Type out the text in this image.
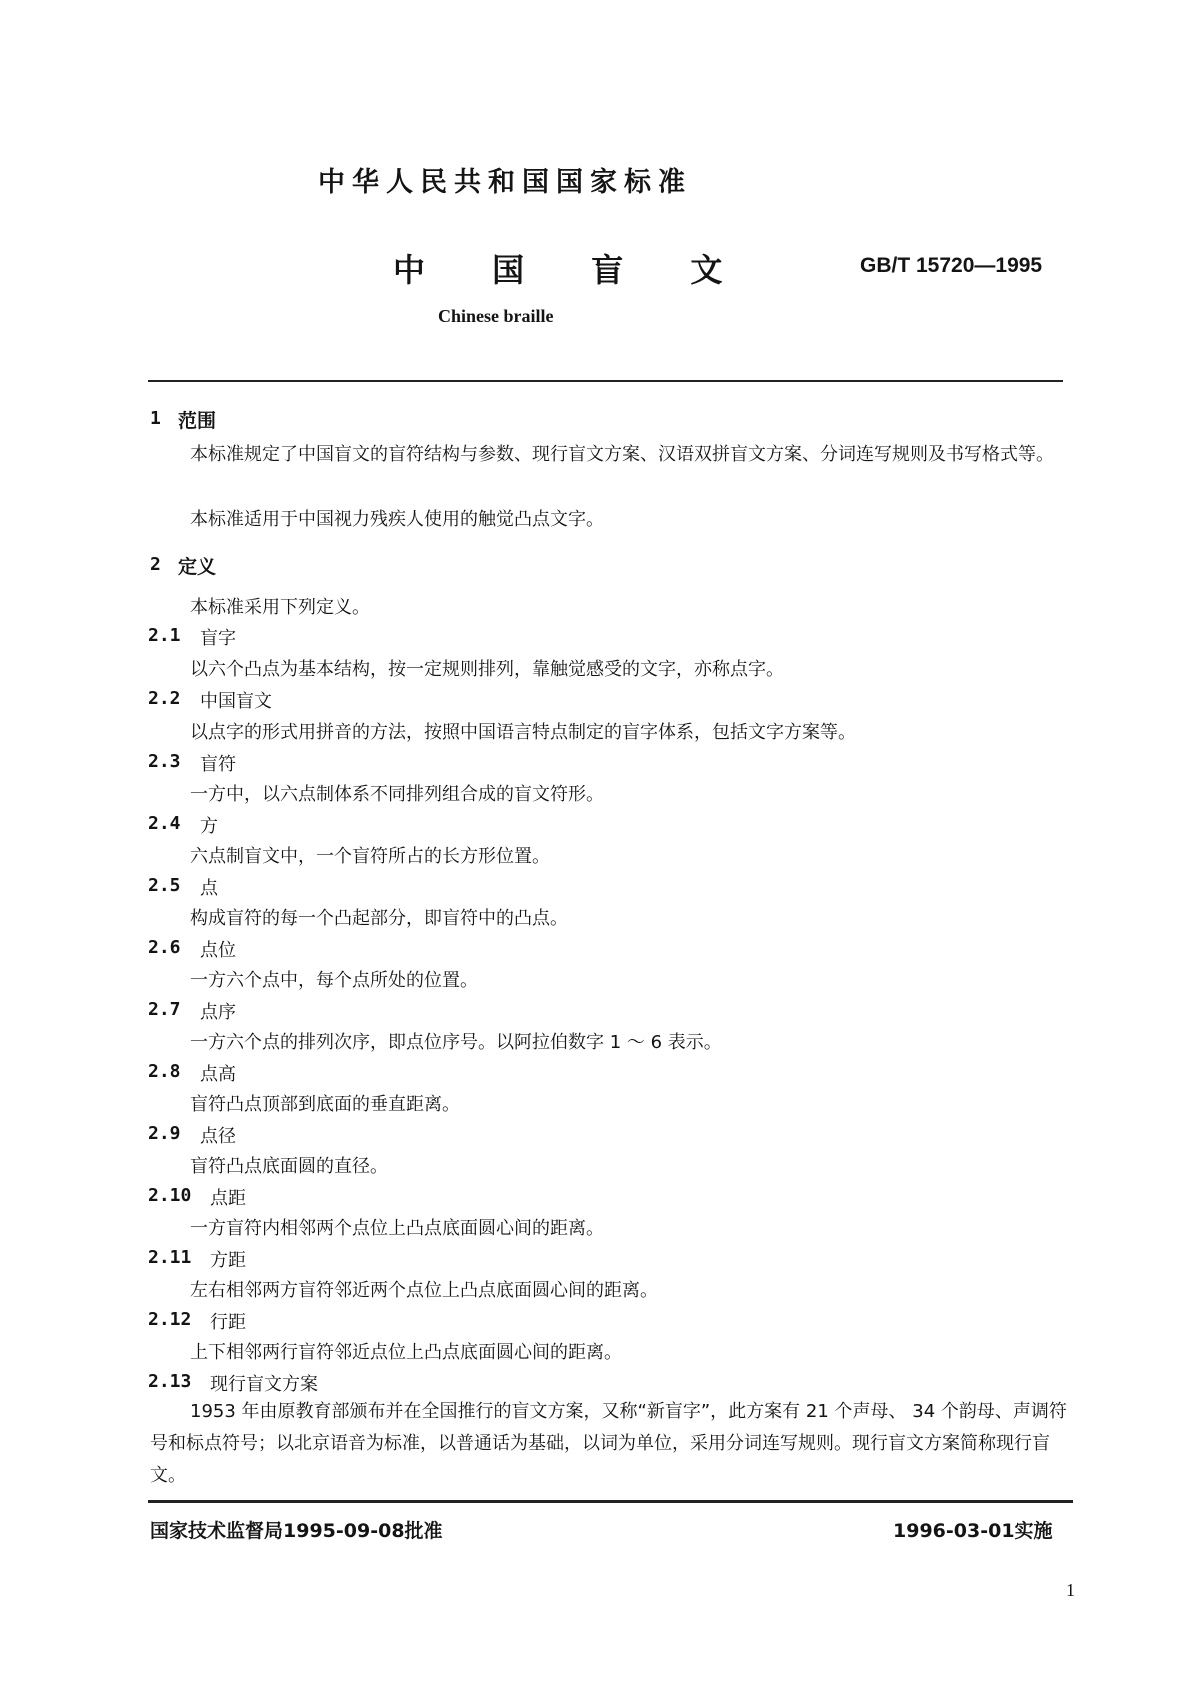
中华人民共和国国家标准
中 国 盲 文	GB/T 15720—1995
Chinese braille
1 范围
本标准规定了中国盲文的盲符结构与参数、现行盲文方案、汉语双拼盲文方案、分词连写规则及书写格式等。
本标准适用于中国视力残疾人使用的触觉凸点文字。
2 定义
本标准采用下列定义。
2.1 盲字
以六个凸点为基本结构，按一定规则排列，靠触觉感受的文字，亦称点字。
2.2 中国盲文
以点字的形式用拼音的方法，按照中国语言特点制定的盲字体系，包括文字方案等。
2.3 盲符
一方中，以六点制体系不同排列组合成的盲文符形。
2.4 方
六点制盲文中，一个盲符所占的长方形位置。
2.5 点
构成盲符的每一个凸起部分，即盲符中的凸点。
2.6 点位
一方六个点中，每个点所处的位置。
2.7 点序
一方六个点的排列次序，即点位序号。以阿拉伯数字 1 ～ 6 表示。
2.8 点高
盲符凸点顶部到底面的垂直距离。
2.9 点径
盲符凸点底面圆的直径。
2.10 点距
一方盲符内相邻两个点位上凸点底面圆心间的距离。
2.11 方距
左右相邻两方盲符邻近两个点位上凸点底面圆心间的距离。
2.12 行距
上下相邻两行盲符邻近点位上凸点底面圆心间的距离。
2.13 现行盲文方案
1953 年由原教育部颁布并在全国推行的盲文方案，又称“新盲字”，此方案有 21 个声母、 34 个韵母、声调符号和标点符号；以北京语音为标准，以普通话为基础，以词为单位，采用分词连写规则。现行盲文方案简称现行盲文。
国家技术监督局1995-09-08批准	1996-03-01实施
1
